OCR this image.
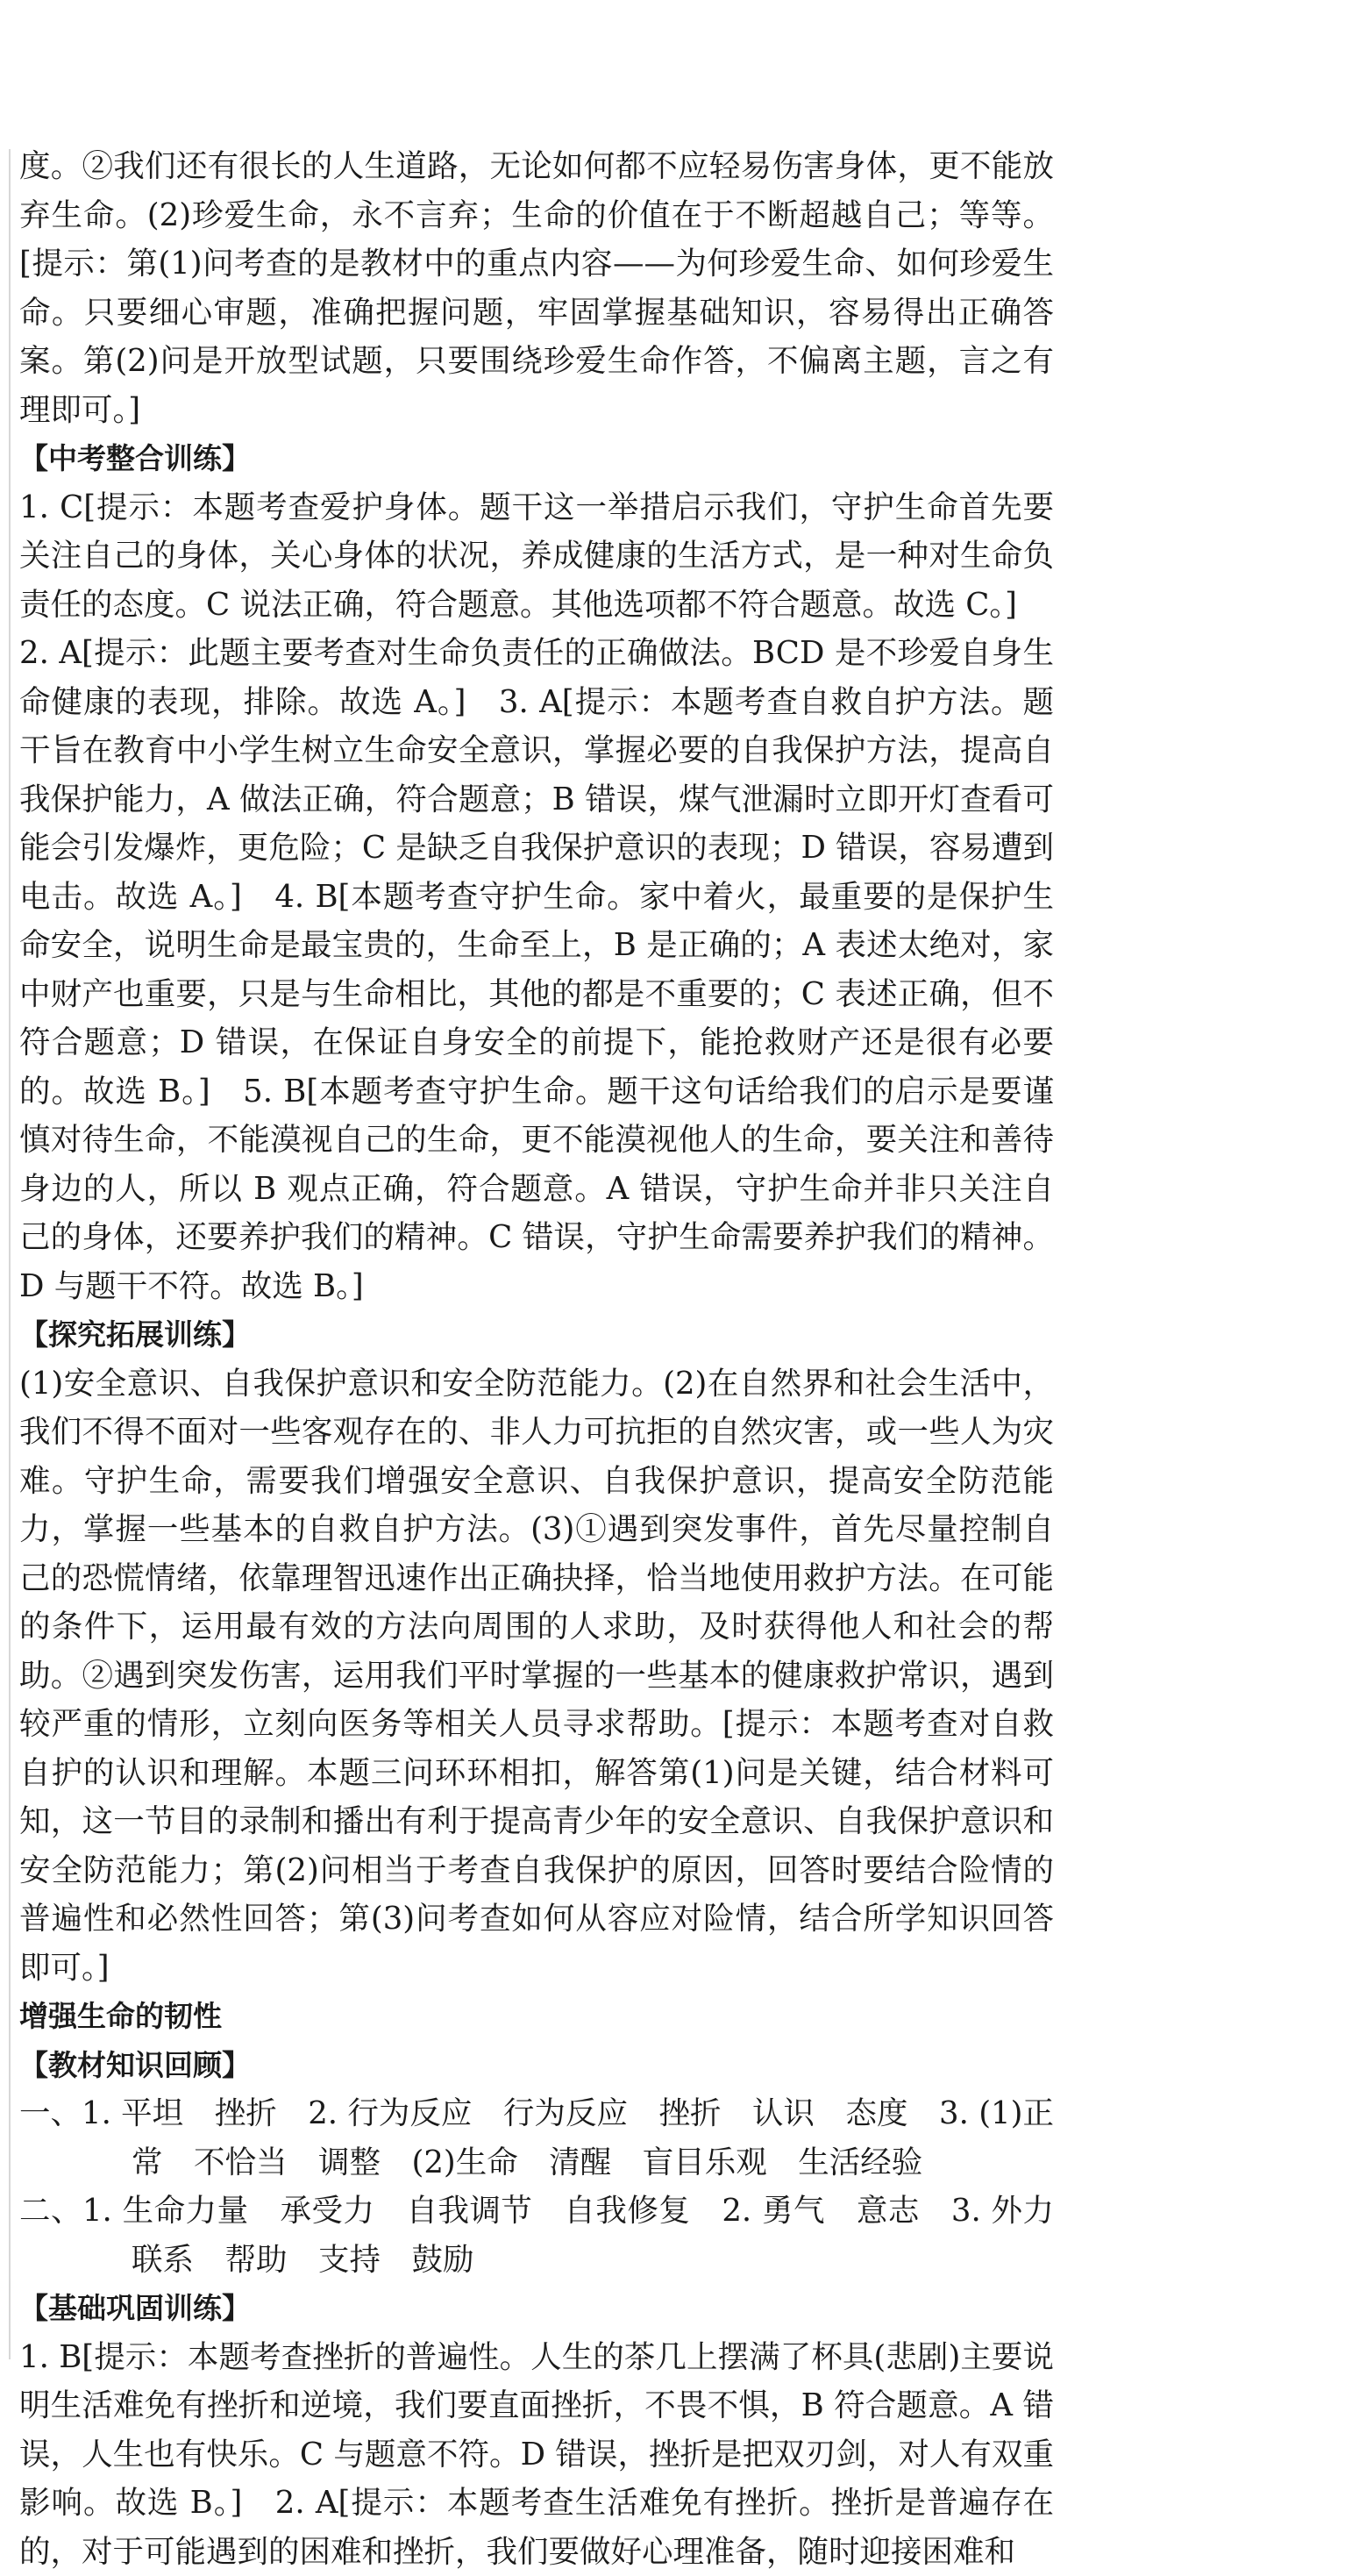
度。②我们还有很长的人生道路，无论如何都不应轻易伤害身体，更不能放弃生命。(2)珍爱生命，永不言弃；生命的价值在于不断超越自己；等等。[提示：第(1)问考查的是教材中的重点内容——为何珍爱生命、如何珍爱生命。只要细心审题，准确把握问题，牢固掌握基础知识，容易得出正确答案。第(2)问是开放型试题，只要围绕珍爱生命作答，不偏离主题，言之有理即可。]

【中考整合训练】

1. C[提示：本题考查爱护身体。题干这一举措启示我们，守护生命首先要关注自己的身体，关心身体的状况，养成健康的生活方式，是一种对生命负责任的态度。C 说法正确，符合题意。其他选项都不符合题意。故选 C。]

2. A[提示：此题主要考查对生命负责任的正确做法。BCD 是不珍爱自身生命健康的表现，排除。故选 A。]　3. A[提示：本题考查自救自护方法。题干旨在教育中小学生树立生命安全意识，掌握必要的自我保护方法，提高自我保护能力，A 做法正确，符合题意；B 错误，煤气泄漏时立即开灯查看可能会引发爆炸，更危险；C 是缺乏自我保护意识的表现；D 错误，容易遭到电击。故选 A。]　4. B[本题考查守护生命。家中着火，最重要的是保护生命安全，说明生命是最宝贵的，生命至上，B 是正确的；A 表述太绝对，家中财产也重要，只是与生命相比，其他的都是不重要的；C 表述正确，但不符合题意；D 错误，在保证自身安全的前提下，能抢救财产还是很有必要的。故选 B。]　5. B[本题考查守护生命。题干这句话给我们的启示是要谨慎对待生命，不能漠视自己的生命，更不能漠视他人的生命，要关注和善待身边的人，所以 B 观点正确，符合题意。A 错误，守护生命并非只关注自己的身体，还要养护我们的精神。C 错误，守护生命需要养护我们的精神。D 与题干不符。故选 B。]

【探究拓展训练】

(1)安全意识、自我保护意识和安全防范能力。(2)在自然界和社会生活中，我们不得不面对一些客观存在的、非人力可抗拒的自然灾害，或一些人为灾难。守护生命，需要我们增强安全意识、自我保护意识，提高安全防范能力，掌握一些基本的自救自护方法。(3)①遇到突发事件，首先尽量控制自己的恐慌情绪，依靠理智迅速作出正确抉择，恰当地使用救护方法。在可能的条件下，运用最有效的方法向周围的人求助，及时获得他人和社会的帮助。②遇到突发伤害，运用我们平时掌握的一些基本的健康救护常识，遇到较严重的情形，立刻向医务等相关人员寻求帮助。[提示：本题考查对自救自护的认识和理解。本题三问环环相扣，解答第(1)问是关键，结合材料可知，这一节目的录制和播出有利于提高青少年的安全意识、自我保护意识和安全防范能力；第(2)问相当于考查自我保护的原因，回答时要结合险情的普遍性和必然性回答；第(3)问考查如何从容应对险情，结合所学知识回答即可。]

增强生命的韧性

【教材知识回顾】

一、1. 平坦　挫折　2. 行为反应　行为反应　挫折　认识　态度　3. (1)正常　不恰当　调整　(2)生命　清醒　盲目乐观　生活经验

二、1. 生命力量　承受力　自我调节　自我修复　2. 勇气　意志　3. 外力联系　帮助　支持　鼓励

【基础巩固训练】

1. B[提示：本题考查挫折的普遍性。人生的茶几上摆满了杯具(悲剧)主要说明生活难免有挫折和逆境，我们要直面挫折，不畏不惧，B 符合题意。A 错误，人生也有快乐。C 与题意不符。D 错误，挫折是把双刃剑，对人有双重影响。故选 B。]　2. A[提示：本题考查生活难免有挫折。挫折是普遍存在的，对于可能遇到的困难和挫折，我们要做好心理准备，随时迎接困难和
